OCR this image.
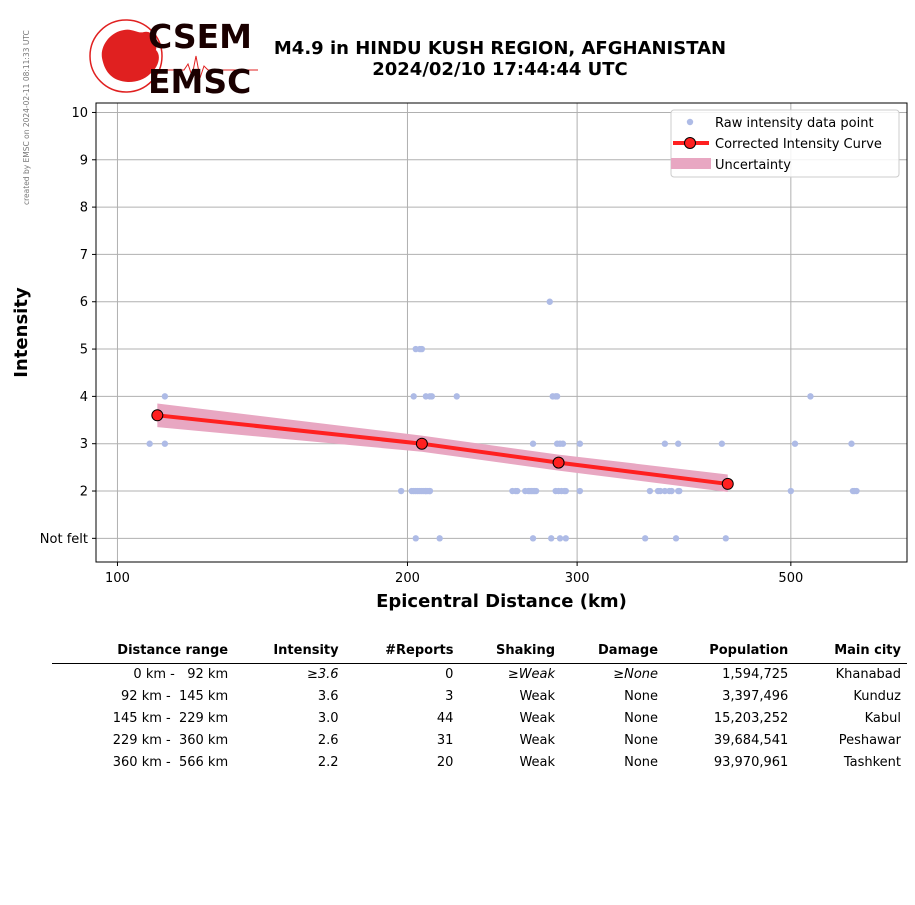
created by EMSC on 2024-02-11 08:11:33 UTC	CSEM
EMSC
M4.9 in HINDU KUSH REGION, AFGHANISTAN
2024/02/10 17:44:44 UTC
Not felt
2
3
4
5
6
7
8
9
10
100	200	300	500
Epicentral Distance (km)
Intensity
Raw intensity data point
Corrected Intensity Curve
Uncertainty
Distance range	Intensity	#Reports	Shaking	Damage	Population	Main city
0 km -   92 km	≥3.6	0	≥Weak	≥None	1,594,725	Khanabad
92 km -  145 km	3.6	3	Weak	None	3,397,496	Kunduz
145 km -  229 km	3.0	44	Weak	None	15,203,252	Kabul
229 km -  360 km	2.6	31	Weak	None	39,684,541	Peshawar
360 km -  566 km	2.2	20	Weak	None	93,970,961	Tashkent
